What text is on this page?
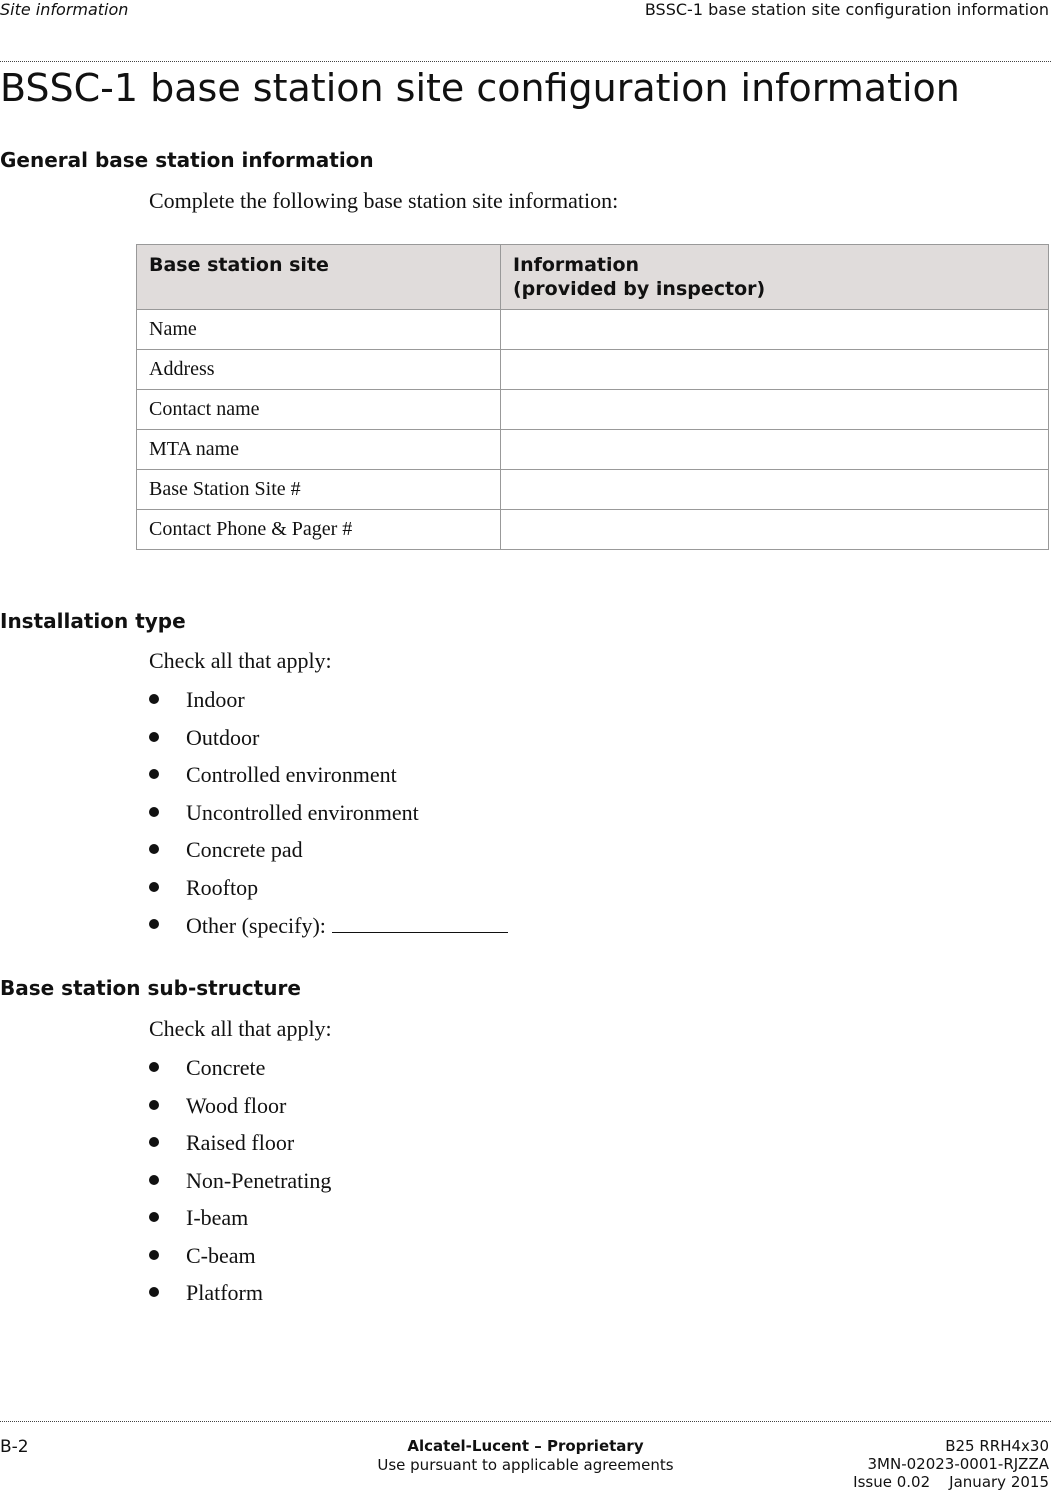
Site information	BSSC-1 base station site configuration information
BSSC-1 base station site configuration information
General base station information

Complete the following base station site information:

Base station site	Information
(provided by inspector)

Name	
Address	
Contact name	
MTA name	
Base Station Site #	
Contact Phone & Pager #	
Installation type

Check all that apply:

Indoor
Outdoor
Controlled environment
Uncontrolled environment
Concrete pad
Rooftop
Other (specify):
Base station sub-structure

Check all that apply:

Concrete
Wood floor
Raised floor
Non-Penetrating
I-beam
C-beam
Platform
B-2	Alcatel-Lucent – Proprietary
Use pursuant to applicable agreements
B25 RRH4x30
3MN-02023-0001-RJZZA
Issue 0.02    January 2015
